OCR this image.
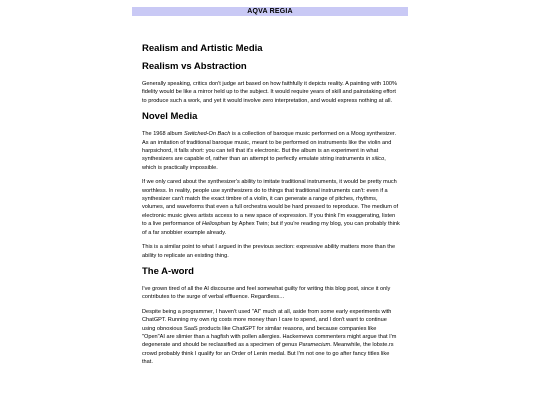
AQVA REGIA
Realism and Artistic Media
Realism vs Abstraction

Generally speaking, critics don't judge art based on how faithfully it depicts reality. A painting with 100% fidelity would be like a mirror held up to the subject. It would require years of skill and painstaking effort to produce such a work, and yet it would involve zero interpretation, and would express nothing at all.

Novel Media

The 1968 album Switched-On Bach is a collection of baroque music performed on a Moog synthesizer. As an imitation of traditional baroque music, meant to be performed on instruments like the violin and harpsichord, it falls short: you can tell that it's electronic. But the album is an experiment in what synthesizers are capable of, rather than an attempt to perfectly emulate string instruments in silico, which is practically impossible.

If we only cared about the synthesizer's ability to imitate traditional instruments, it would be pretty much worthless. In reality, people use synthesizers do to things that traditional instruments can't: even if a synthesizer can't match the exact timbre of a violin, it can generate a range of pitches, rhythms, volumes, and waveforms that even a full orchestra would be hard pressed to reproduce. The medium of electronic music gives artists access to a new space of expression. If you think I'm exaggerating, listen to a live performance of Heliosphan by Aphex Twin; but if you're reading my blog, you can probably think of a far snobbier example already.

This is a similar point to what I argued in the previous section: expressive ability matters more than the ability to replicate an existing thing.

The A-word

I've grown tired of all the AI discourse and feel somewhat guilty for writing this blog post, since it only contributes to the surge of verbal effluence. Regardless…

Despite being a programmer, I haven't used "AI" much at all, aside from some early experiments with ChatGPT. Running my own rig costs more money than I care to spend, and I don't want to continue using obnoxious SaaS products like ChatGPT for similar reasons, and because companies like "Open"AI are slimier than a hagfish with pollen allergies. Hackernews commenters might argue that I'm degenerate and should be reclassified as a specimen of genus Paramecium. Meanwhile, the lobste.rs crowd probably think I qualify for an Order of Lenin medal. But I'm not one to go after fancy titles like that.
